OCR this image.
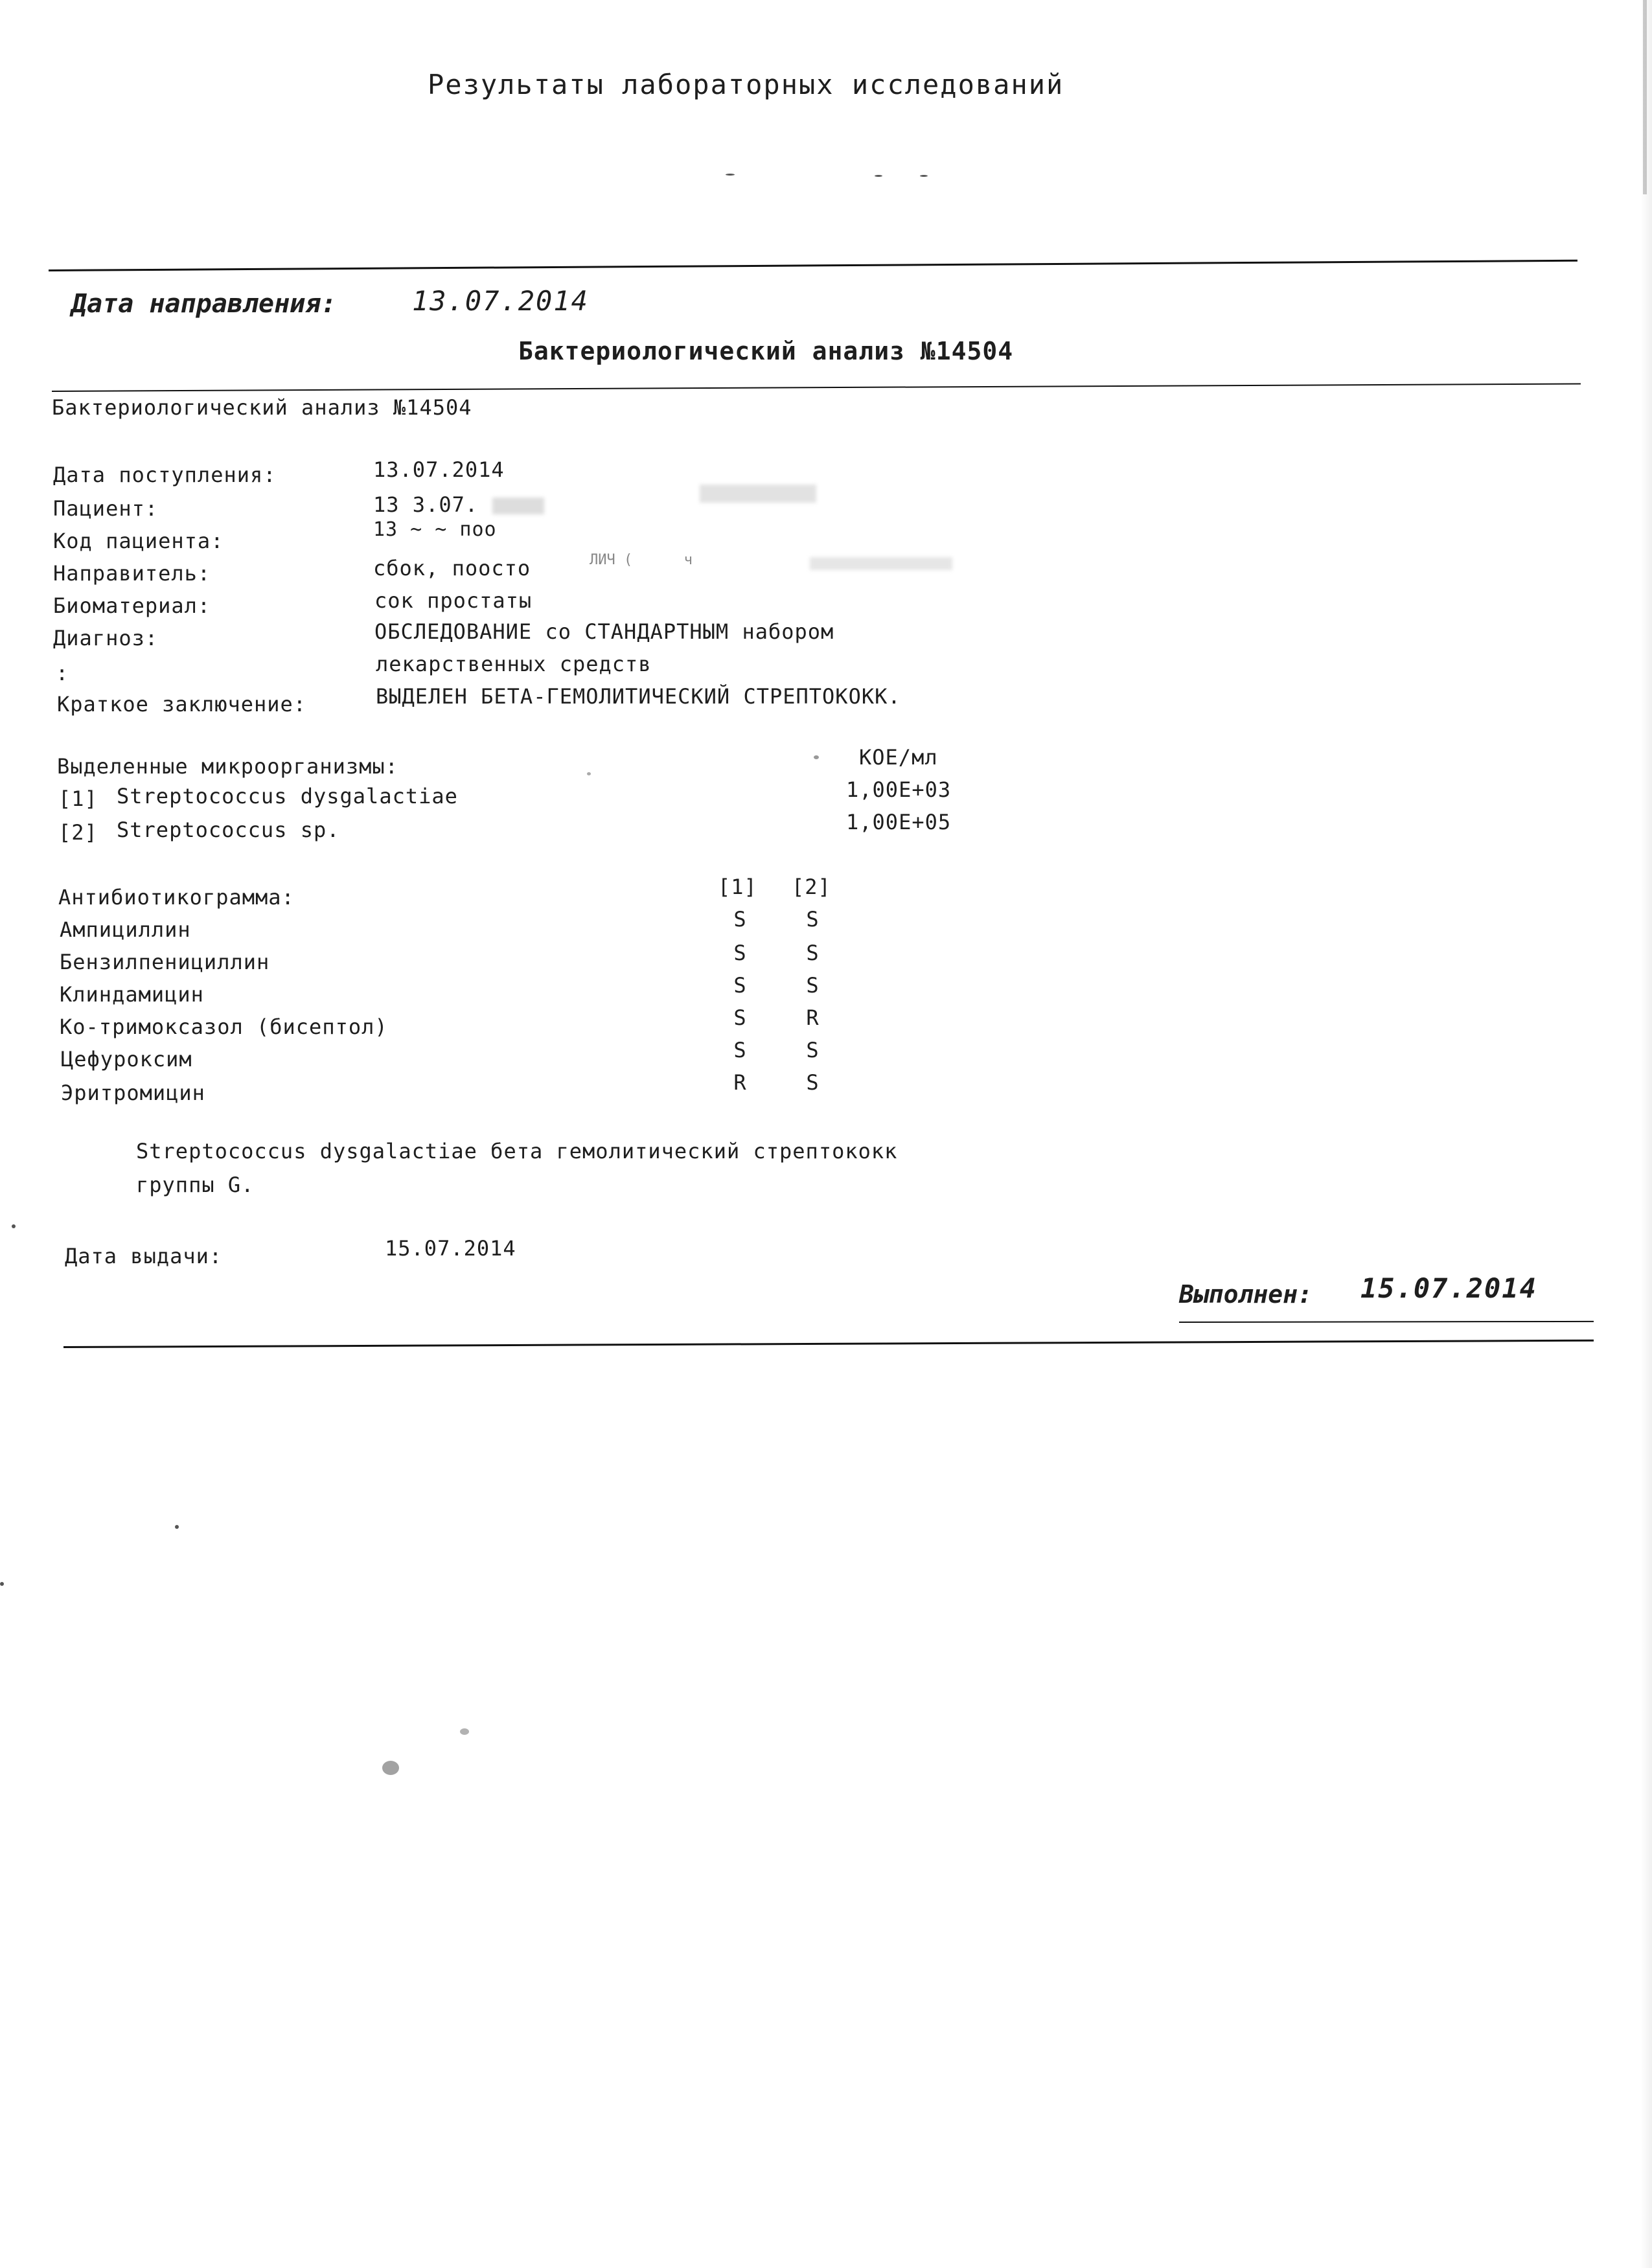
Результаты лабораторных исследований
Дата направления:	13.07.2014
Бактериологический анализ №14504
Бактериологический анализ №14504
Дата поступления:	13.07.2014
Пациент:	13 3.07.
Код пациента:	13 ~ ~ поо
Направитель:	сбок, поосто	ЛИЧ (      ч
Биоматериал:	сок простаты
Диагноз:	ОБСЛЕДОВАНИЕ со СТАНДАРТНЫМ набором
:	лекарственных средств
Краткое заключение:	ВЫДЕЛЕН БЕТА-ГЕМОЛИТИЧЕСКИЙ СТРЕПТОКОКК.
Выделенные микроорганизмы:	КОЕ/мл
[1] Streptococcus dysgalactiae	1,00E+03
[2] Streptococcus sp.	1,00E+05
Антибиотикограмма:	[1] [2]
Ампициллин	S	S
Бензилпенициллин	S	S
Клиндамицин	S	S
Ко-тримоксазол (бисептол)	S	R
Цефуроксим	S	S
Эритромицин	R	S
Streptococcus dysgalactiae бета гемолитический стрептококк
группы G.
Дата выдачи:	15.07.2014
Выполнен: 15.07.2014
